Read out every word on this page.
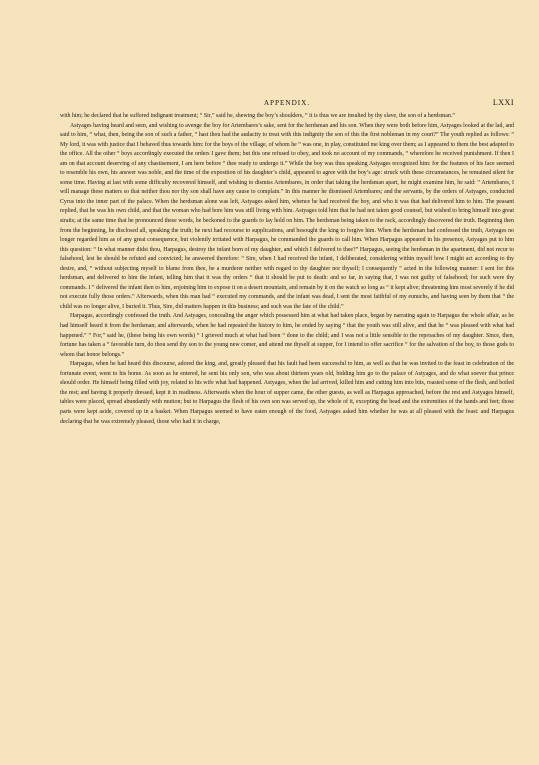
APPENDIX.	LXXI

with him; he declared that he suffered indignant treatment; “ Sir,” said he, shewing the boy’s shoulders, “ it is thus we are insulted by thy slave, the son of a herdsman.”

Astyages having heard and seen, and wishing to avenge the boy for Artembares’s sake, sent for the herdsman and his son. When they were both before him, Astyages looked at the lad, and said to him, “ what, then, being the son of such a father, “ hast thou had the audacity to treat with this indignity the son of this the first nobleman in my court?” The youth replied as follows: “ My lord, it was with justice that I behaved thus towards him: for the boys of the village, of whom he “ was one, in play, constituted me king over them; as I appeared to them the best adapted to the office. All the other “ boys accordingly executed the orders I gave them; but this one refused to obey, and took no account of my commands, “ wherefore he received punishment. If then I am on that account deserving of any chastisement, I am here before “ thee ready to undergo it.” While the boy was thus speaking Astyages recognized him: for the features of his face seemed to resemble his own, his answer was noble, and the time of the exposition of his daughter’s child, appeared to agree with the boy’s age: struck with these circumstances, he remained silent for some time. Having at last with some difficulty recovered himself, and wishing to dismiss Artembares, in order that taking the herdsman apart, he might examine him, he said: “ Artembares, I will manage these matters so that neither thou nor thy son shall have any cause to complain.” In this manner he dismissed Artembares; and the servants, by the orders of Astyages, conducted Cyrus into the inner part of the palace. When the herdsman alone was left, Astyages asked him, whence he had received the boy, and who it was that had delivered him to him. The peasant replied, that he was his own child, and that the woman who had bore him was still living with him. Astyages told him that he had not taken good counsel, but wished to bring himself into great straits; at the same time that he pronounced these words, he beckoned to the guards to lay hold on him. The herdsman being taken to the rack, accordingly discovered the truth. Beginning then from the beginning, he disclosed all, speaking the truth; he next had recourse to supplications, and besought the king to forgive him. When the herdsman had confessed the truth, Astyages no longer regarded him as of any great consequence, but violently irritated with Harpagus, he commanded the guards to call him. When Harpagus appeared in his presence, Astyages put to him this question: “ In what manner didst thou, Harpagus, destroy the infant born of my daughter, and which I delivered to thee?” Harpagus, seeing the herdsman in the apartment, did not recur to falsehood, lest he should be refuted and convicted; he answered therefore: “ Sire, when I had received the infant, I deliberated, considering within myself how I might act according to thy desire, and, “ without subjecting myself to blame from thee, be a murderer neither with regard to thy daughter nor thyself; I consequently “ acted in the following manner: I sent for this herdsman, and delivered to him the infant, telling him that it was thy orders “ that it should be put to death: and so far, in saying that, I was not guilty of falsehood; for such were thy commands. I “ delivered the infant then to him, enjoining him to expose it on a desert mountain, and remain by it on the watch so long as “ it kept alive; threatening him most severely if he did not execute fully those orders.” Afterwards, when this man had “ executed my commands, and the infant was dead, I sent the most faithful of my eunuchs, and having seen by them that “ the child was no longer alive, I buried it. Thus, Sire, did matters happen in this business; and such was the fate of the child.”

Harpagus, accordingly confessed the truth. And Astyages, concealing the anger which possessed him at what had taken place, began by narrating again to Harpagus the whole affair, as he had himself heard it from the herdsman; and afterwards, when he had repeated the history to him, he ended by saying “ that the youth was still alive, and that he “ was pleased with what had happened.” “ For,” said he, (these being his own words) “ I grieved much at what had been “ done to the child; and I was not a little sensible to the reproaches of my daughter. Since, then, fortune has taken a “ favorable turn, do thou send thy son to the young new comer, and attend me thyself at supper, for I intend to offer sacrifice “ for the salvation of the boy, to those gods to whom that honor belongs.”

Harpagus, when he had heard this discourse, adored the king, and, greatly pleased that his fault had been successful to him, as well as that he was invited to the feast in celebration of the fortunate event, went to his home. As soon as he entered, he sent his only son, who was about thirteen years old, bidding him go to the palace of Astyages, and do what soever that prince should order. He himself being filled with joy, related to his wife what had happened. Astyages, when the lad arrived, killed him and cutting him into bits, roasted some of the flesh, and boiled the rest; and having it properly dressed, kept it in readiness. Afterwards when the hour of supper came, the other guests, as well as Harpagus approached, before the rest and Astyages himself, tables were placed, spread abundantly with mutton; but to Harpagus the flesh of his own son was served up, the whole of it, excepting the head and the extremities of the hands and feet; those parts were kept aside, covered up in a basket. When Harpagus seemed to have eaten enough of the food, Astyages asked him whether he was at all pleased with the feast: and Harpagus declaring that he was extremely pleased, those who had it in charge,
